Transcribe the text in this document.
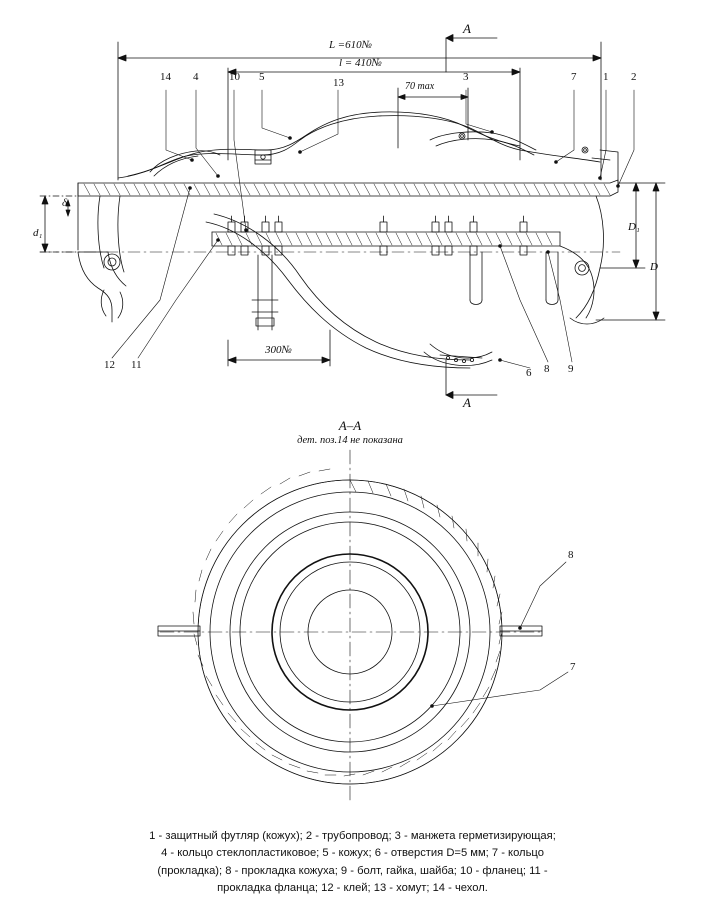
L =610№
l = 410№
70 max
300№
A
A
d₁
δ
D₁
D
14 4	10 5	13	3	7 1 2
12 11
6 8 9
A–A
дет. поз.14 не показана
8
7
1 - защитный футляр (кожух); 2 - трубопровод; 3 - манжета герметизирующая;
4 - кольцо стеклопластиковое; 5 - кожух; 6 - отверстия D=5 мм; 7 - кольцо
(прокладка); 8 - прокладка кожуха; 9 - болт, гайка, шайба; 10 - фланец; 11 -
прокладка фланца; 12 - клей; 13 - хомут; 14 - чехол.
